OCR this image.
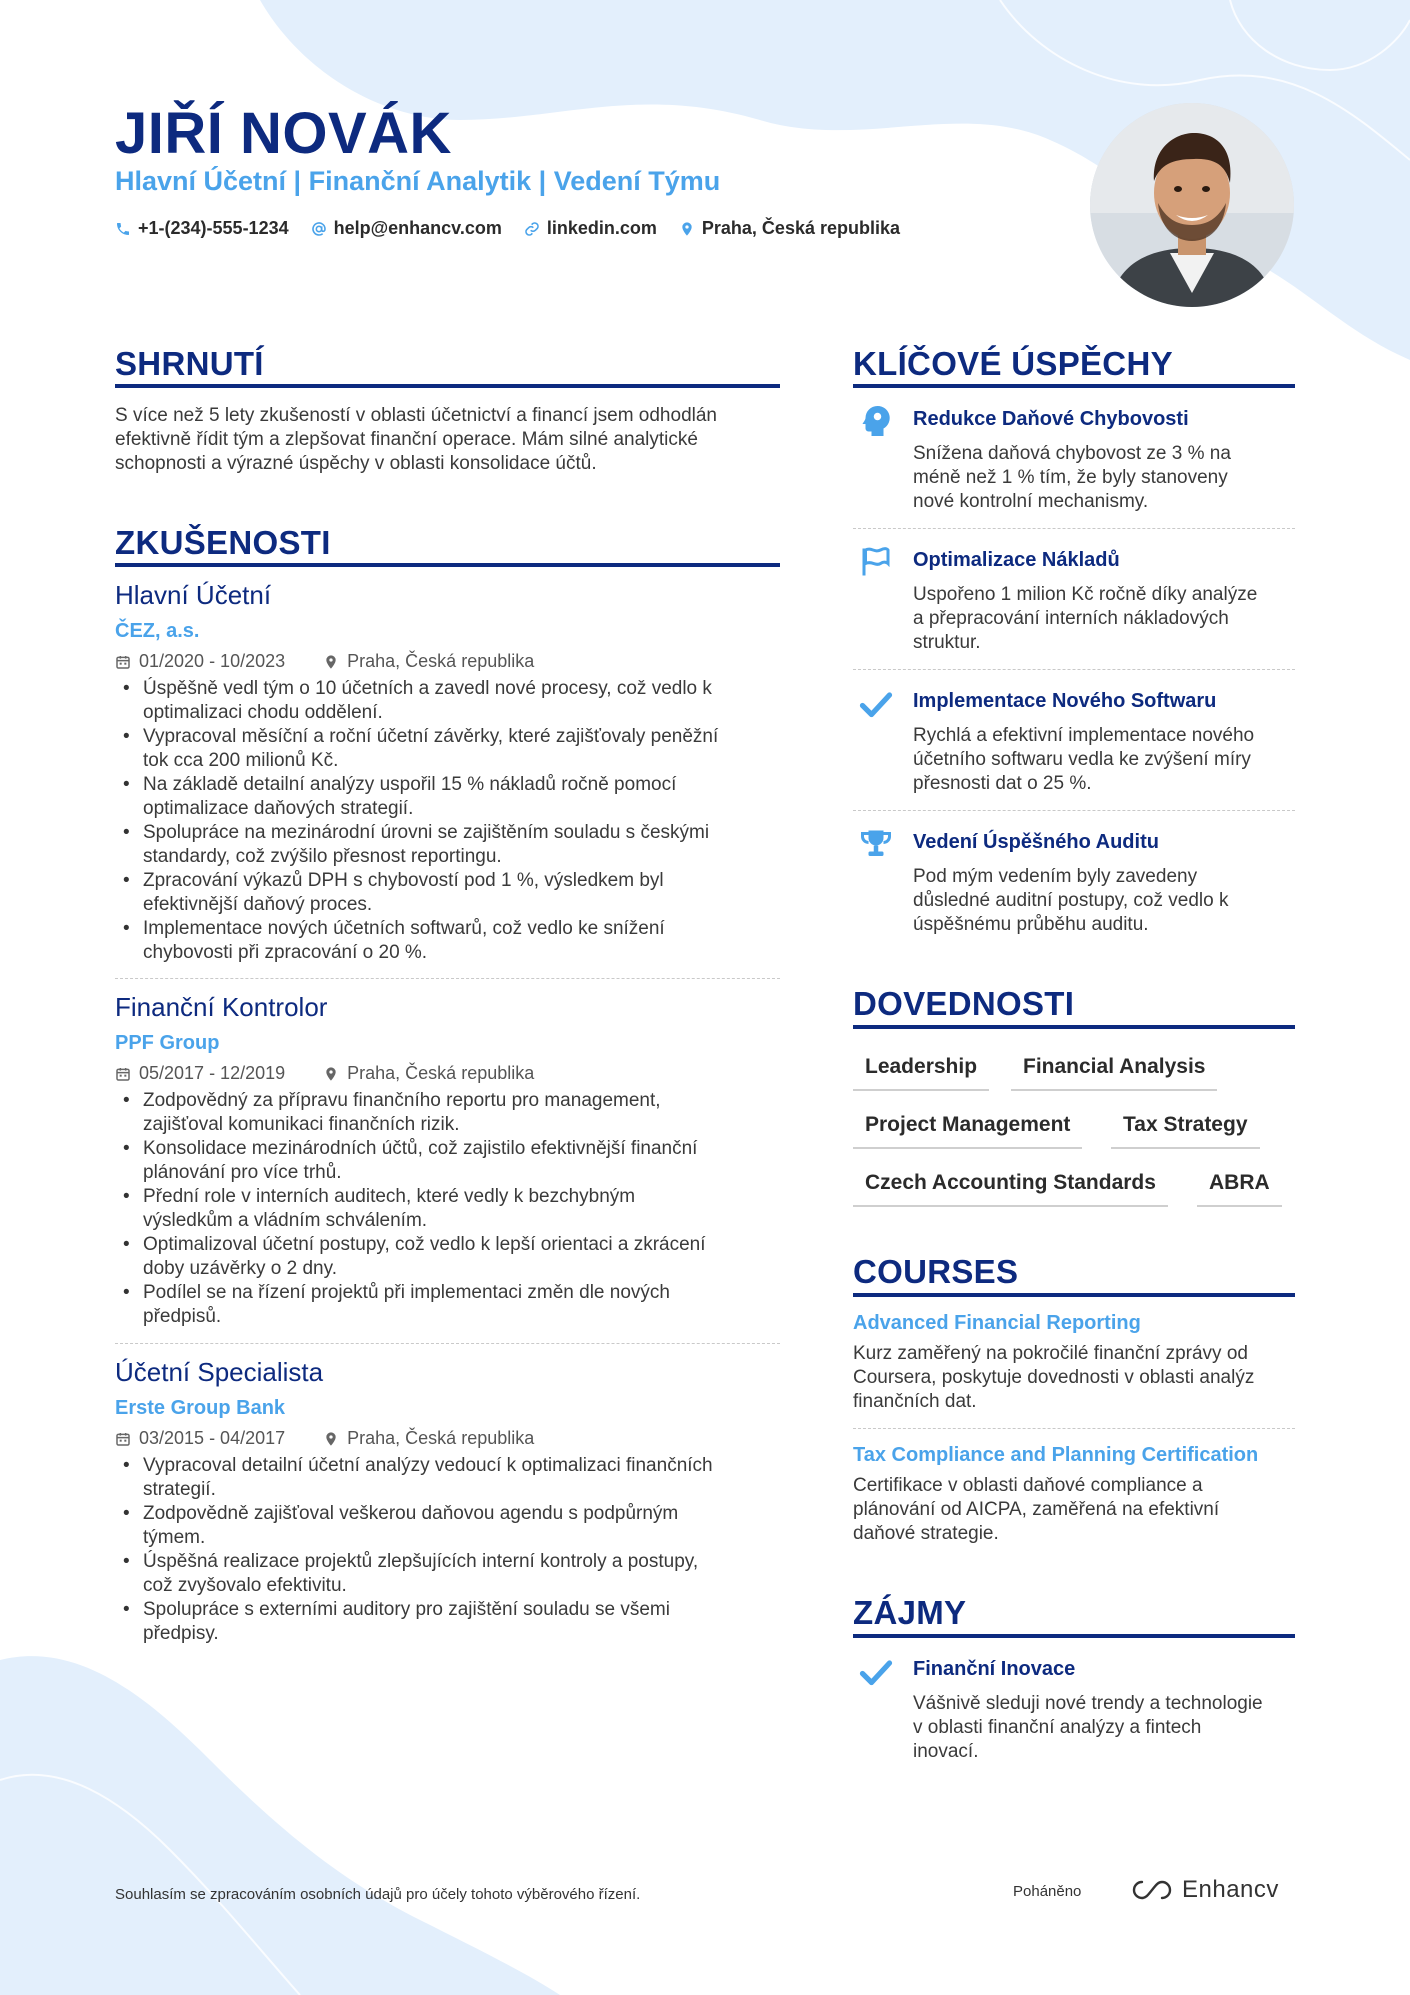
JIŘÍ NOVÁK
Hlavní Účetní | Finanční Analytik | Vedení Týmu
+1-(234)-555-1234	help@enhancv.com	linkedin.com	Praha, Česká republika
SHRNUTÍ
S více než 5 lety zkušeností v oblasti účetnictví a financí jsem odhodlán
efektivně řídit tým a zlepšovat finanční operace. Mám silné analytické
schopnosti a výrazné úspěchy v oblasti konsolidace účtů.
ZKUŠENOSTI
Hlavní Účetní
ČEZ, a.s.
01/2020 - 10/2023	Praha, Česká republika
• Úspěšně vedl tým o 10 účetních a zavedl nové procesy, což vedlo k
optimalizaci chodu oddělení.
• Vypracoval měsíční a roční účetní závěrky, které zajišťovaly peněžní
tok cca 200 milionů Kč.
• Na základě detailní analýzy uspořil 15 % nákladů ročně pomocí
optimalizace daňových strategií.
• Spolupráce na mezinárodní úrovni se zajištěním souladu s českými
standardy, což zvýšilo přesnost reportingu.
• Zpracování výkazů DPH s chybovostí pod 1 %, výsledkem byl
efektivnější daňový proces.
• Implementace nových účetních softwarů, což vedlo ke snížení
chybovosti při zpracování o 20 %.
Finanční Kontrolor
PPF Group
05/2017 - 12/2019	Praha, Česká republika
• Zodpovědný za přípravu finančního reportu pro management,
zajišťoval komunikaci finančních rizik.
• Konsolidace mezinárodních účtů, což zajistilo efektivnější finanční
plánování pro více trhů.
• Přední role v interních auditech, které vedly k bezchybným
výsledkům a vládním schválením.
• Optimalizoval účetní postupy, což vedlo k lepší orientaci a zkrácení
doby uzávěrky o 2 dny.
• Podílel se na řízení projektů při implementaci změn dle nových
předpisů.
Účetní Specialista
Erste Group Bank
03/2015 - 04/2017	Praha, Česká republika
• Vypracoval detailní účetní analýzy vedoucí k optimalizaci finančních
strategií.
• Zodpovědně zajišťoval veškerou daňovou agendu s podpůrným
týmem.
• Úspěšná realizace projektů zlepšujících interní kontroly a postupy,
což zvyšovalo efektivitu.
• Spolupráce s externími auditory pro zajištění souladu se všemi
předpisy.
KLÍČOVÉ ÚSPĚCHY
Redukce Daňové Chybovosti
Snížena daňová chybovost ze 3 % na
méně než 1 % tím, že byly stanoveny
nové kontrolní mechanismy.
Optimalizace Nákladů
Uspořeno 1 milion Kč ročně díky analýze
a přepracování interních nákladových
struktur.
Implementace Nového Softwaru
Rychlá a efektivní implementace nového
účetního softwaru vedla ke zvýšení míry
přesnosti dat o 25 %.
Vedení Úspěšného Auditu
Pod mým vedením byly zavedeny
důsledné auditní postupy, což vedlo k
úspěšnému průběhu auditu.
DOVEDNOSTI
Leadership	Financial Analysis
Project Management	Tax Strategy
Czech Accounting Standards	ABRA
COURSES
Advanced Financial Reporting
Kurz zaměřený na pokročilé finanční zprávy od
Coursera, poskytuje dovednosti v oblasti analýz
finančních dat.
Tax Compliance and Planning Certification
Certifikace v oblasti daňové compliance a
plánování od AICPA, zaměřená na efektivní
daňové strategie.
ZÁJMY
Finanční Inovace
Vášnivě sleduji nové trendy a technologie
v oblasti finanční analýzy a fintech
inovací.
Souhlasím se zpracováním osobních údajů pro účely tohoto výběrového řízení.	Poháněno	Enhancv
